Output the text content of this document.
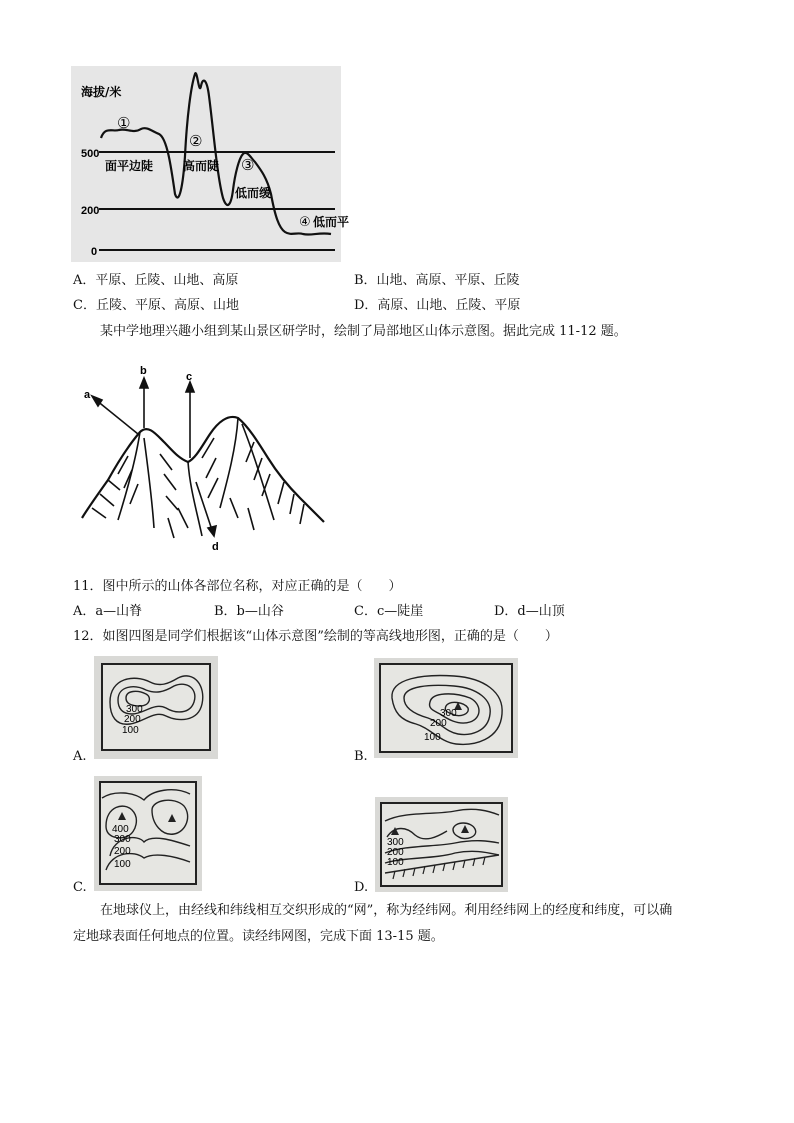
500
200
0
海拔/米
①
②
③
④
面平边陡 高而陡
低而缓
低而平
A．平原、丘陵、山地、高原	B．山地、高原、平原、丘陵
C．丘陵、平原、高原、山地	D．高原、山地、丘陵、平原
某中学地理兴趣小组到某山景区研学时，绘制了局部地区山体示意图。据此完成 11-12 题。
a
b	c
d
11．图中所示的山体各部位名称，对应正确的是（　　）
A．a—山脊	B．b—山谷	C．c—陡崖	D．d—山顶
12．如图四图是同学们根据该“山体示意图”绘制的等高线地形图，正确的是（　　）
A.
300
200
100
B.
300
200
100
C.
400
300
200
100
D.
300
200
100
在地球仪上，由经线和纬线相互交织形成的“网”，称为经纬网。利用经纬网上的经度和纬度，可以确
定地球表面任何地点的位置。读经纬网图，完成下面 13-15 题。
